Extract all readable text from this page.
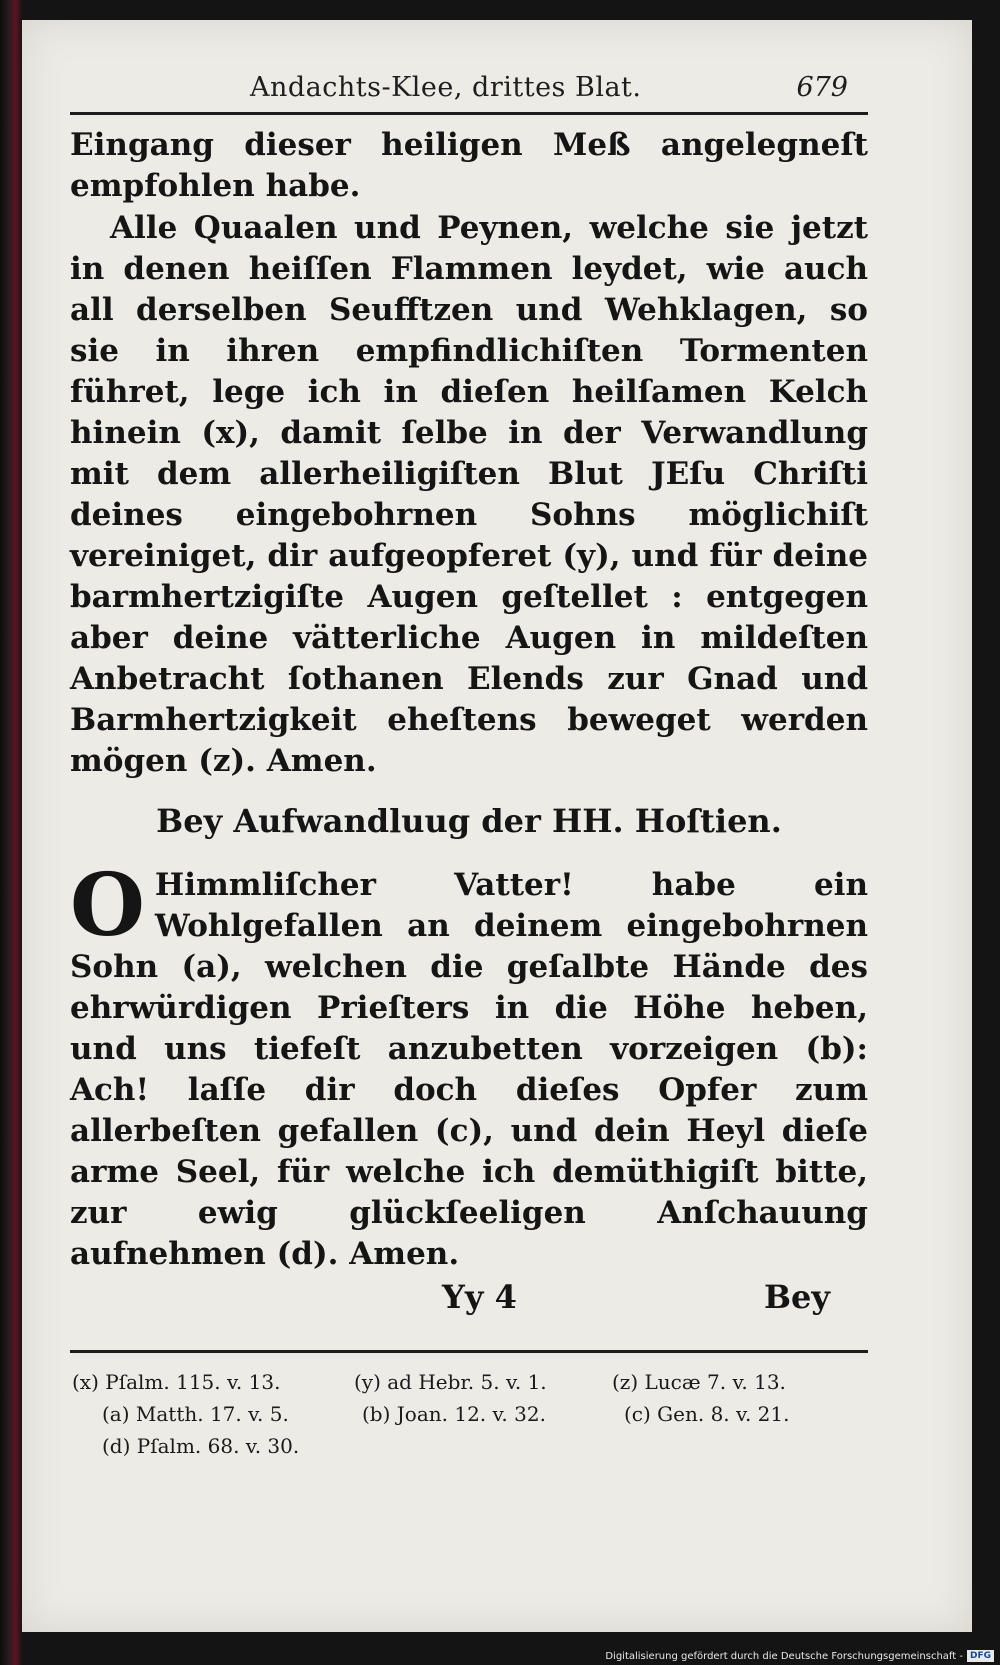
Andachts-Klee, drittes Blat.	679
Eingang dieser heiligen Meß angelegneſt empfohlen habe.
Alle Quaalen und Peynen, welche sie jetzt in denen heiſſen Flammen leydet, wie auch all derselben Seufftzen und Wehklagen, so sie in ihren empfindlichiſten Tormenten führet, lege ich in dieſen heilſamen Kelch hinein (x), damit ſelbe in der Verwandlung mit dem allerheiligiſten Blut JEſu Chriſti deines eingebohrnen Sohns möglichiſt vereiniget, dir aufgeopferet (y), und für deine barmhertzigiſte Augen geſtellet : entgegen aber deine vätterliche Augen in mildeſten Anbetracht ſothanen Elends zur Gnad und Barmhertzigkeit eheſtens beweget werden mögen (z). Amen.
Bey Aufwandluug der HH. Hoſtien.
O Himmliſcher Vatter! habe ein Wohlgefallen an deinem eingebohrnen Sohn (a), welchen die geſalbte Hände des ehrwürdigen Prieſters in die Höhe heben, und uns tiefeſt anzubetten vorzeigen (b): Ach! laſſe dir doch dieſes Opfer zum allerbeſten gefallen (c), und dein Heyl dieſe arme Seel, für welche ich demüthigiſt bitte, zur ewig glückſeeligen Anſchauung aufnehmen (d). Amen.
Yy 4	Bey
(x) Pſalm. 115. v. 13.	(y) ad Hebr. 5. v. 1.	(z) Lucæ 7. v. 13.
(a) Matth. 17. v. 5.	(b) Joan. 12. v. 32.	(c) Gen. 8. v. 21.
(d) Pſalm. 68. v. 30.
Digitalisierung gefördert durch die Deutsche Forschungsgemeinschaft - DFG
